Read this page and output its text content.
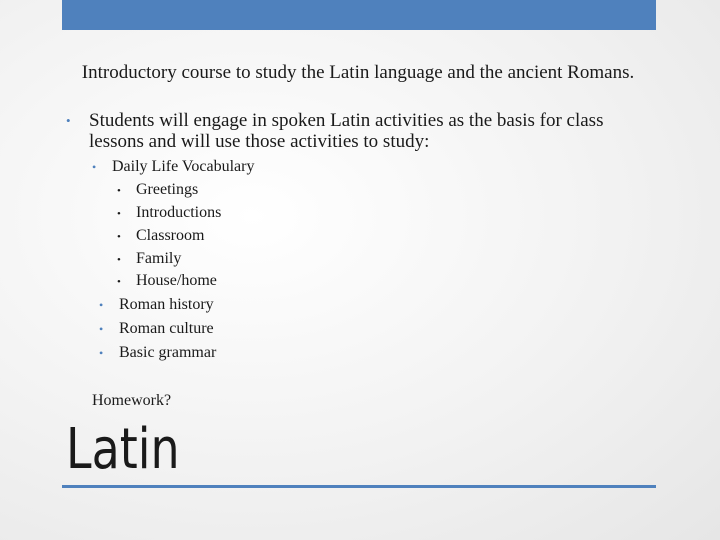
Introductory course to study the Latin language and the ancient Romans.
• Students will engage in spoken Latin activities as the basis for class lessons and will use those activities to study:
• Daily Life Vocabulary
• Greetings
• Introductions
• Classroom
• Family
• House/home
• Roman history
• Roman culture
• Basic grammar
Homework?
Latin
